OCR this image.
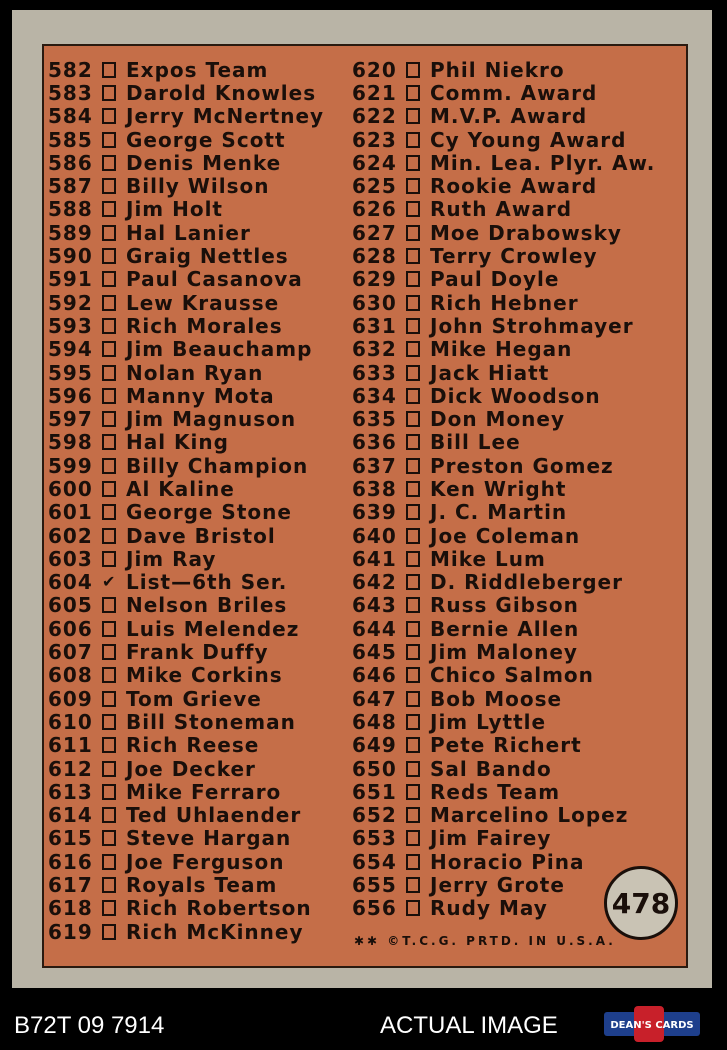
582	Expos Team
583	Darold Knowles
584	Jerry McNertney
585	George Scott
586	Denis Menke
587	Billy Wilson
588	Jim Holt
589	Hal Lanier
590	Graig Nettles
591	Paul Casanova
592	Lew Krausse
593	Rich Morales
594	Jim Beauchamp
595	Nolan Ryan
596	Manny Mota
597	Jim Magnuson
598	Hal King
599	Billy Champion
600	Al Kaline
601	George Stone
602	Dave Bristol
603	Jim Ray
604 ✔ List—6th Ser.
605	Nelson Briles
606	Luis Melendez
607	Frank Duffy
608	Mike Corkins
609	Tom Grieve
610	Bill Stoneman
611	Rich Reese
612	Joe Decker
613	Mike Ferraro
614	Ted Uhlaender
615	Steve Hargan
616	Joe Ferguson
617	Royals Team
618	Rich Robertson
619	Rich McKinney
620	Phil Niekro
621	Comm. Award
622	M.V.P. Award
623	Cy Young Award
624	Min. Lea. Plyr. Aw.
625	Rookie Award
626	Ruth Award
627	Moe Drabowsky
628	Terry Crowley
629	Paul Doyle
630	Rich Hebner
631	John Strohmayer
632	Mike Hegan
633	Jack Hiatt
634	Dick Woodson
635	Don Money
636	Bill Lee
637	Preston Gomez
638	Ken Wright
639	J. C. Martin
640	Joe Coleman
641	Mike Lum
642	D. Riddleberger
643	Russ Gibson
644	Bernie Allen
645	Jim Maloney
646	Chico Salmon
647	Bob Moose
648	Jim Lyttle
649	Pete Richert
650	Sal Bando
651	Reds Team
652	Marcelino Lopez
653	Jim Fairey
654	Horacio Pina
655	Jerry Grote
656	Rudy May 478
✱✱ ©T.C.G. PRTD. IN U.S.A.
B72T 09 7914	ACTUAL IMAGE	DEAN'S CARDS
